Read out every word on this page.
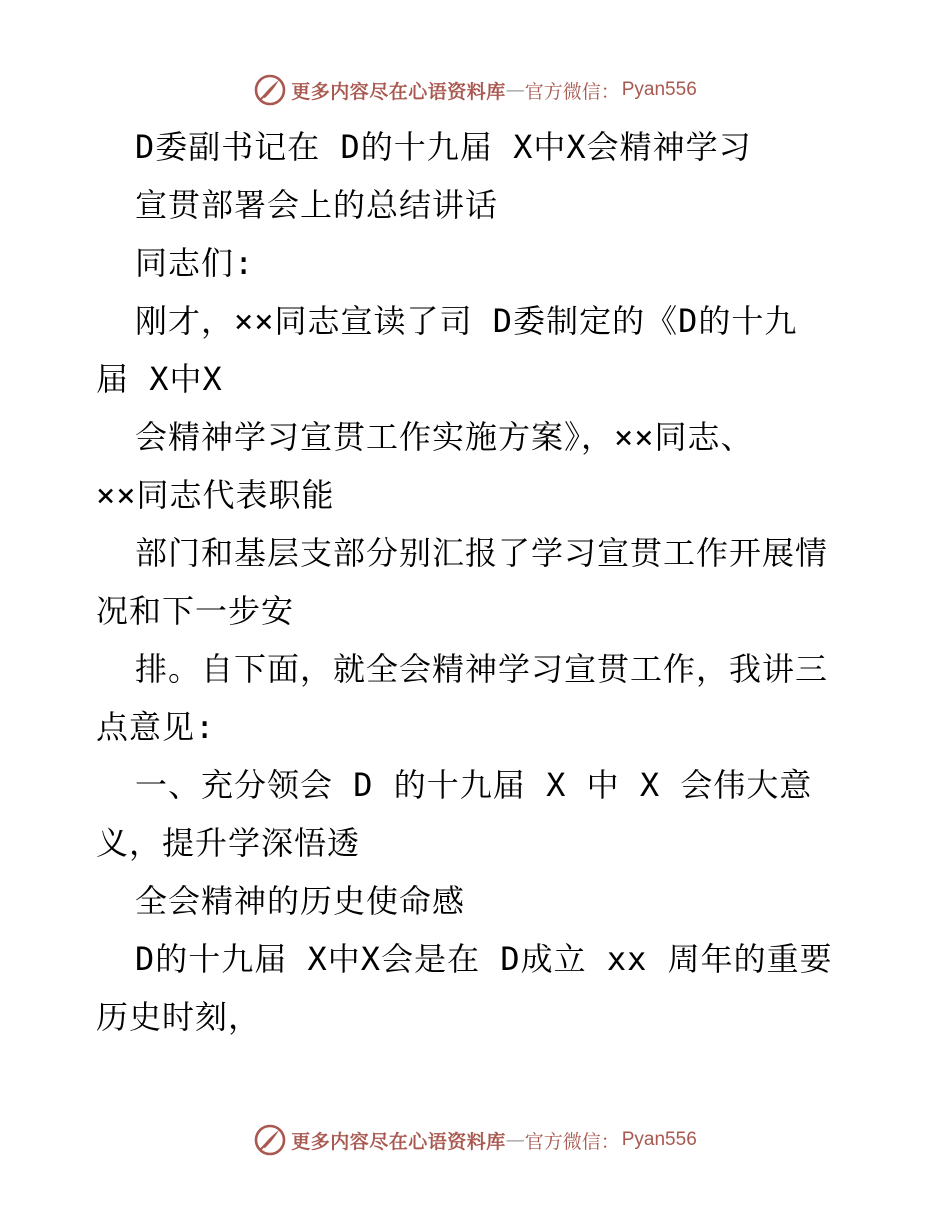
更多内容尽在心语资料库 — 官方微信： Pyan556
D委副书记在 D的十九届 X中X会精神学习
宣贯部署会上的总结讲话
同志们:
刚才，××同志宣读了司 D委制定的《D的十九
届 X中X
会精神学习宣贯工作实施方案》，××同志、
××同志代表职能
部门和基层支部分别汇报了学习宣贯工作开展情
况和下一步安
排。自下面，就全会精神学习宣贯工作，我讲三
点意见:
一、充分领会 D 的十九届 X 中 X 会伟大意
义，提升学深悟透
全会精神的历史使命感
D的十九届 X中X会是在 D成立 xx 周年的重要
历史时刻，
更多内容尽在心语资料库 — 官方微信： Pyan556
